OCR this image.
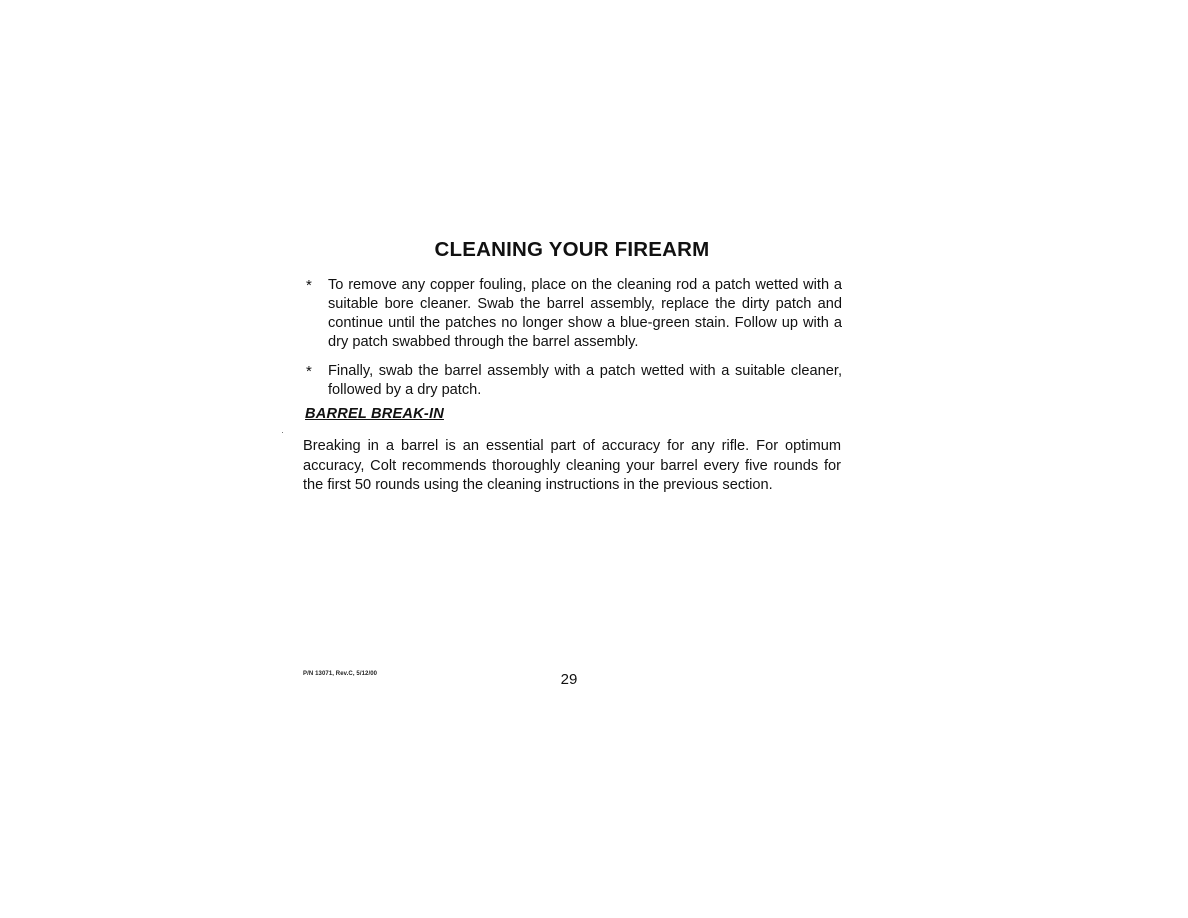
CLEANING YOUR FIREARM
*	To remove any copper fouling, place on the cleaning rod a patch wetted with a suitable bore cleaner. Swab the barrel assembly, replace the dirty patch and continue until the patches no longer show a blue-green stain. Follow up with a dry patch swabbed through the barrel assembly.
*	Finally, swab the barrel assembly with a patch wetted with a suitable cleaner, followed by a dry patch.
BARREL BREAK-IN

Breaking in a barrel is an essential part of accuracy for any rifle. For optimum accuracy, Colt recommends thoroughly cleaning your barrel every five rounds for the first 50 rounds using the cleaning instructions in the previous section.

P/N 13071, Rev.C, 5/12/00	29
